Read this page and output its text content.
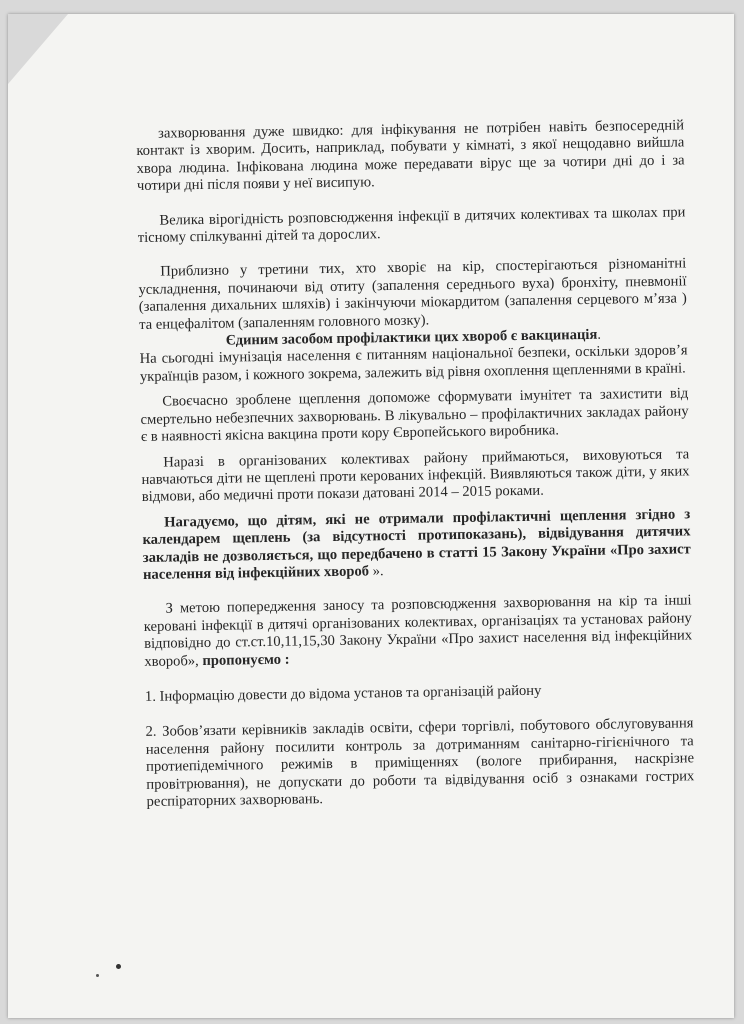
захворювання дуже швидко: для інфікування не потрібен навіть безпосередній контакт із хворим. Досить, наприклад, побувати у кімнаті, з якої нещодавно вийшла хвора людина. Інфікована людина може передавати вірус ще за чотири дні до і за чотири дні після появи у неї висипую.

Велика вірогідність розповсюдження інфекції в дитячих колективах та школах при тісному спілкуванні дітей та дорослих.

Приблизно у третини тих, хто хворіє на кір, спостерігаються різноманітні ускладнення, починаючи від отиту (запалення середнього вуха) бронхіту, пневмонії (запалення дихальних шляхів) і закінчуючи міокардитом (запалення серцевого м’яза ) та енцефалітом (запаленням головного мозку).

Єдиним засобом профілактики цих хвороб є вакцинація.

На сьогодні імунізація населення є питанням національної безпеки, оскільки здоров’я українців разом, і кожного зокрема, залежить від рівня охоплення щепленнями в країні.

Своєчасно зроблене щеплення допоможе сформувати імунітет та захистити від смертельно небезпечних захворювань. В лікувально – профілактичних закладах району є в наявності якісна вакцина проти кору Європейського виробника.

Наразі в організованих колективах району приймаються, виховуються та навчаються діти не щеплені проти керованих інфекцій. Виявляються також діти, у яких відмови, або медичні проти покази датовані 2014 – 2015 роками.

Нагадуємо, що дітям, які не отримали профілактичні щеплення згідно з календарем щеплень (за відсутності протипоказань), відвідування дитячих закладів не дозволяється, що передбачено в статті 15 Закону України «Про захист населення від інфекційних хвороб ».

З метою попередження заносу та розповсюдження захворювання на кір та інші керовані інфекції в дитячі організованих колективах, організаціях та установах району відповідно до ст.ст.10,11,15,30 Закону України «Про захист населення від інфекційних хвороб», пропонуємо :

1. Інформацію довести до відома установ та організацій району

2. Зобов’язати керівників закладів освіти, сфери торгівлі, побутового обслуговування населення району посилити контроль за дотриманням санітарно-гігієнічного та протиепідемічного режимів в приміщеннях (вологе прибирання, наскрізне провітрювання), не допускати до роботи та відвідування осіб з ознаками гострих респіраторних захворювань.
